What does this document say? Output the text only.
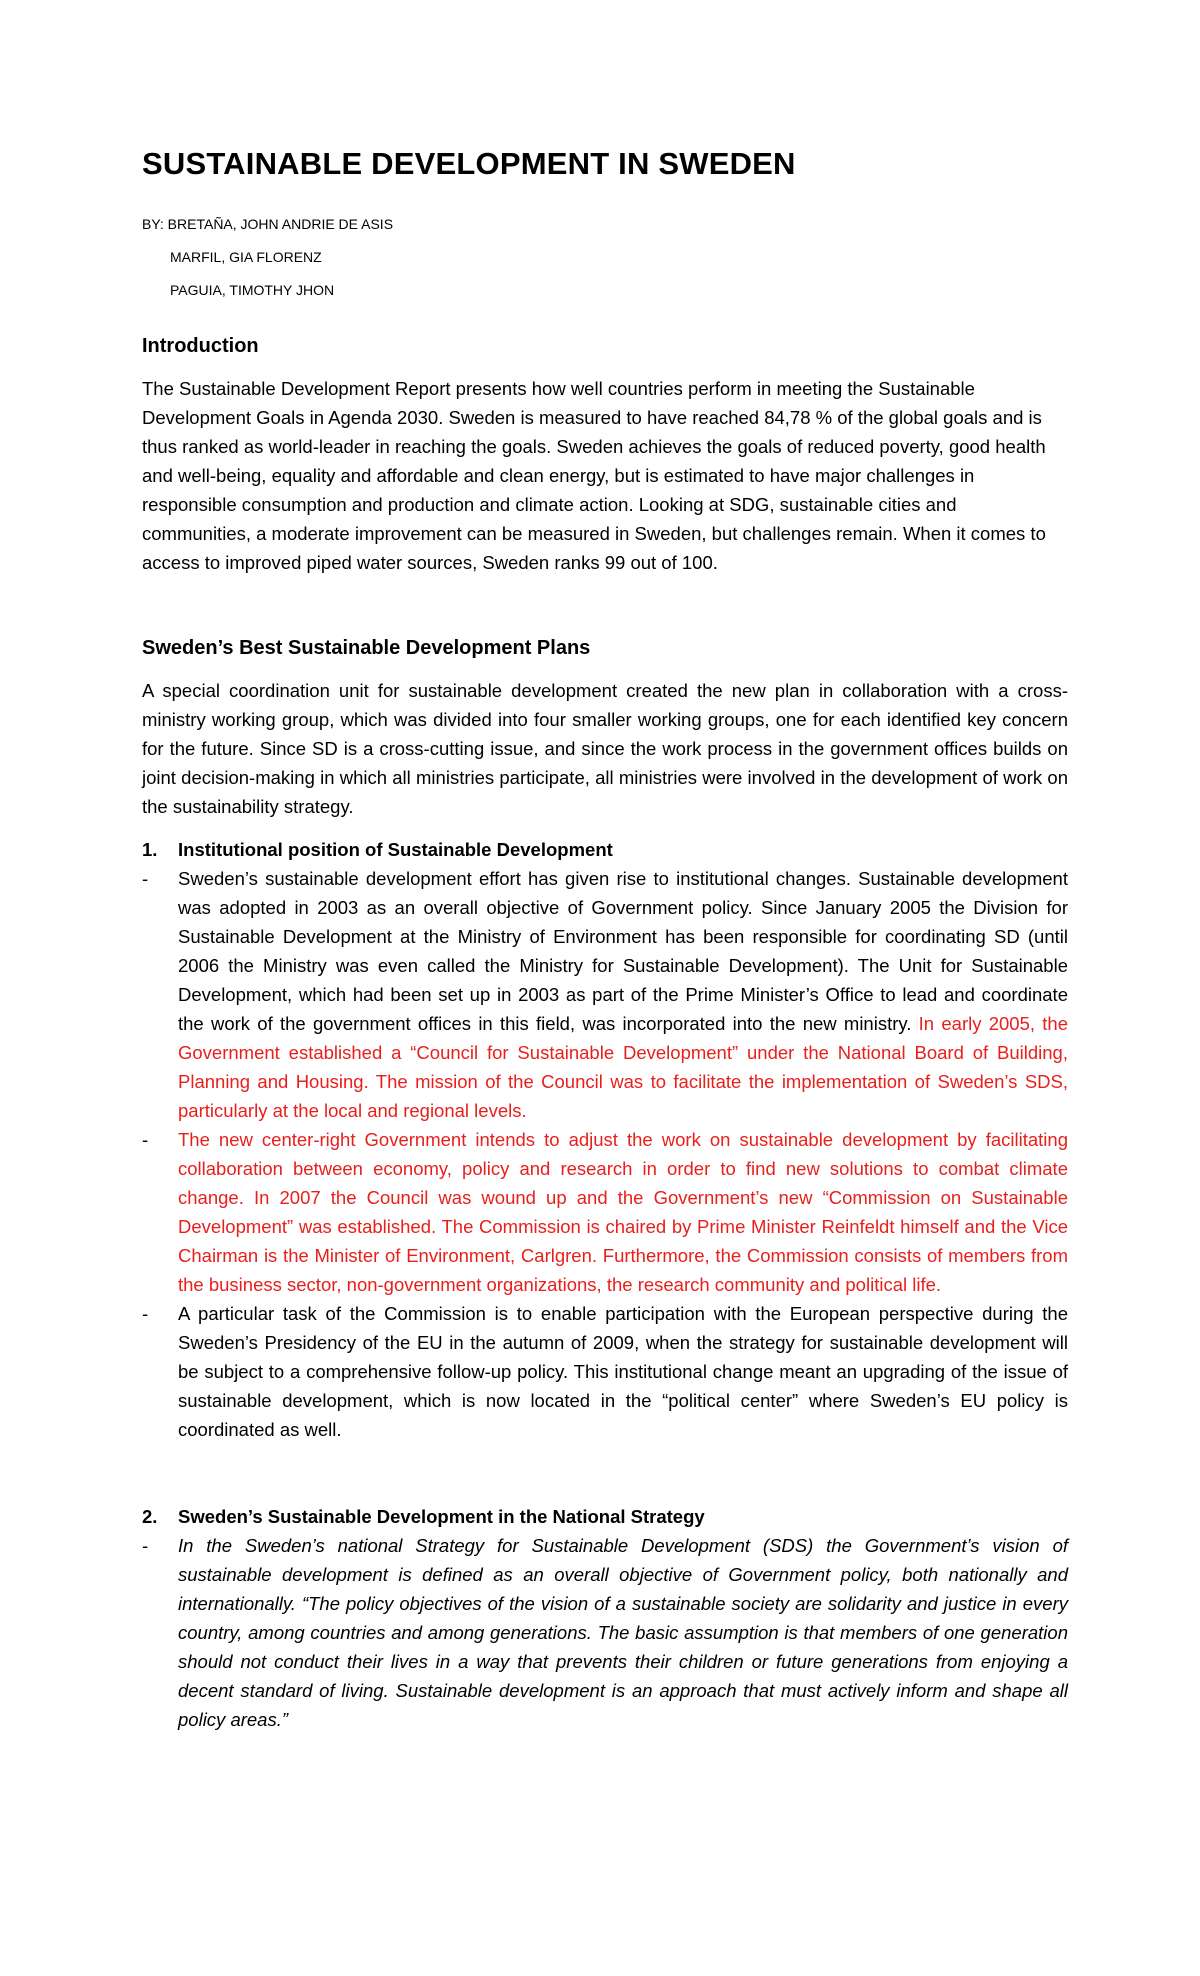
SUSTAINABLE DEVELOPMENT IN SWEDEN
BY: BRETAÑA, JOHN ANDRIE DE ASIS
MARFIL, GIA FLORENZ
PAGUIA, TIMOTHY JHON
Introduction

The Sustainable Development Report presents how well countries perform in meeting the Sustainable Development Goals in Agenda 2030. Sweden is measured to have reached 84,78 % of the global goals and is thus ranked as world-leader in reaching the goals. Sweden achieves the goals of reduced poverty, good health and well-being, equality and affordable and clean energy, but is estimated to have major challenges in responsible consumption and production and climate action. Looking at SDG, sustainable cities and communities, a moderate improvement can be measured in Sweden, but challenges remain. When it comes to access to improved piped water sources, Sweden ranks 99 out of 100.

Sweden’s Best Sustainable Development Plans

A special coordination unit for sustainable development created the new plan in collaboration with a cross-ministry working group, which was divided into four smaller working groups, one for each identified key concern for the future. Since SD is a cross-cutting issue, and since the work process in the government offices builds on joint decision-making in which all ministries participate, all ministries were involved in the development of work on the sustainability strategy.

1.	Institutional position of Sustainable Development
-	Sweden’s sustainable development effort has given rise to institutional changes. Sustainable development was adopted in 2003 as an overall objective of Government policy. Since January 2005 the Division for Sustainable Development at the Ministry of Environment has been responsible for coordinating SD (until 2006 the Ministry was even called the Ministry for Sustainable Development). The Unit for Sustainable Development, which had been set up in 2003 as part of the Prime Minister’s Office to lead and coordinate the work of the government offices in this field, was incorporated into the new ministry. In early 2005, the Government established a “Council for Sustainable Development” under the National Board of Building, Planning and Housing. The mission of the Council was to facilitate the implementation of Sweden’s SDS, particularly at the local and regional levels.
-	The new center-right Government intends to adjust the work on sustainable development by facilitating collaboration between economy, policy and research in order to find new solutions to combat climate change. In 2007 the Council was wound up and the Government’s new “Commission on Sustainable Development” was established. The Commission is chaired by Prime Minister Reinfeldt himself and the Vice Chairman is the Minister of Environment, Carlgren. Furthermore, the Commission consists of members from the business sector, non-government organizations, the research community and political life.
-	A particular task of the Commission is to enable participation with the European perspective during the Sweden’s Presidency of the EU in the autumn of 2009, when the strategy for sustainable development will be subject to a comprehensive follow-up policy. This institutional change meant an upgrading of the issue of sustainable development, which is now located in the “political center” where Sweden’s EU policy is coordinated as well.
2.	Sweden’s Sustainable Development in the National Strategy
-	In the Sweden’s national Strategy for Sustainable Development (SDS) the Government’s vision of sustainable development is defined as an overall objective of Government policy, both nationally and internationally. “The policy objectives of the vision of a sustainable society are solidarity and justice in every country, among countries and among generations. The basic assumption is that members of one generation should not conduct their lives in a way that prevents their children or future generations from enjoying a decent standard of living. Sustainable development is an approach that must actively inform and shape all policy areas.”
